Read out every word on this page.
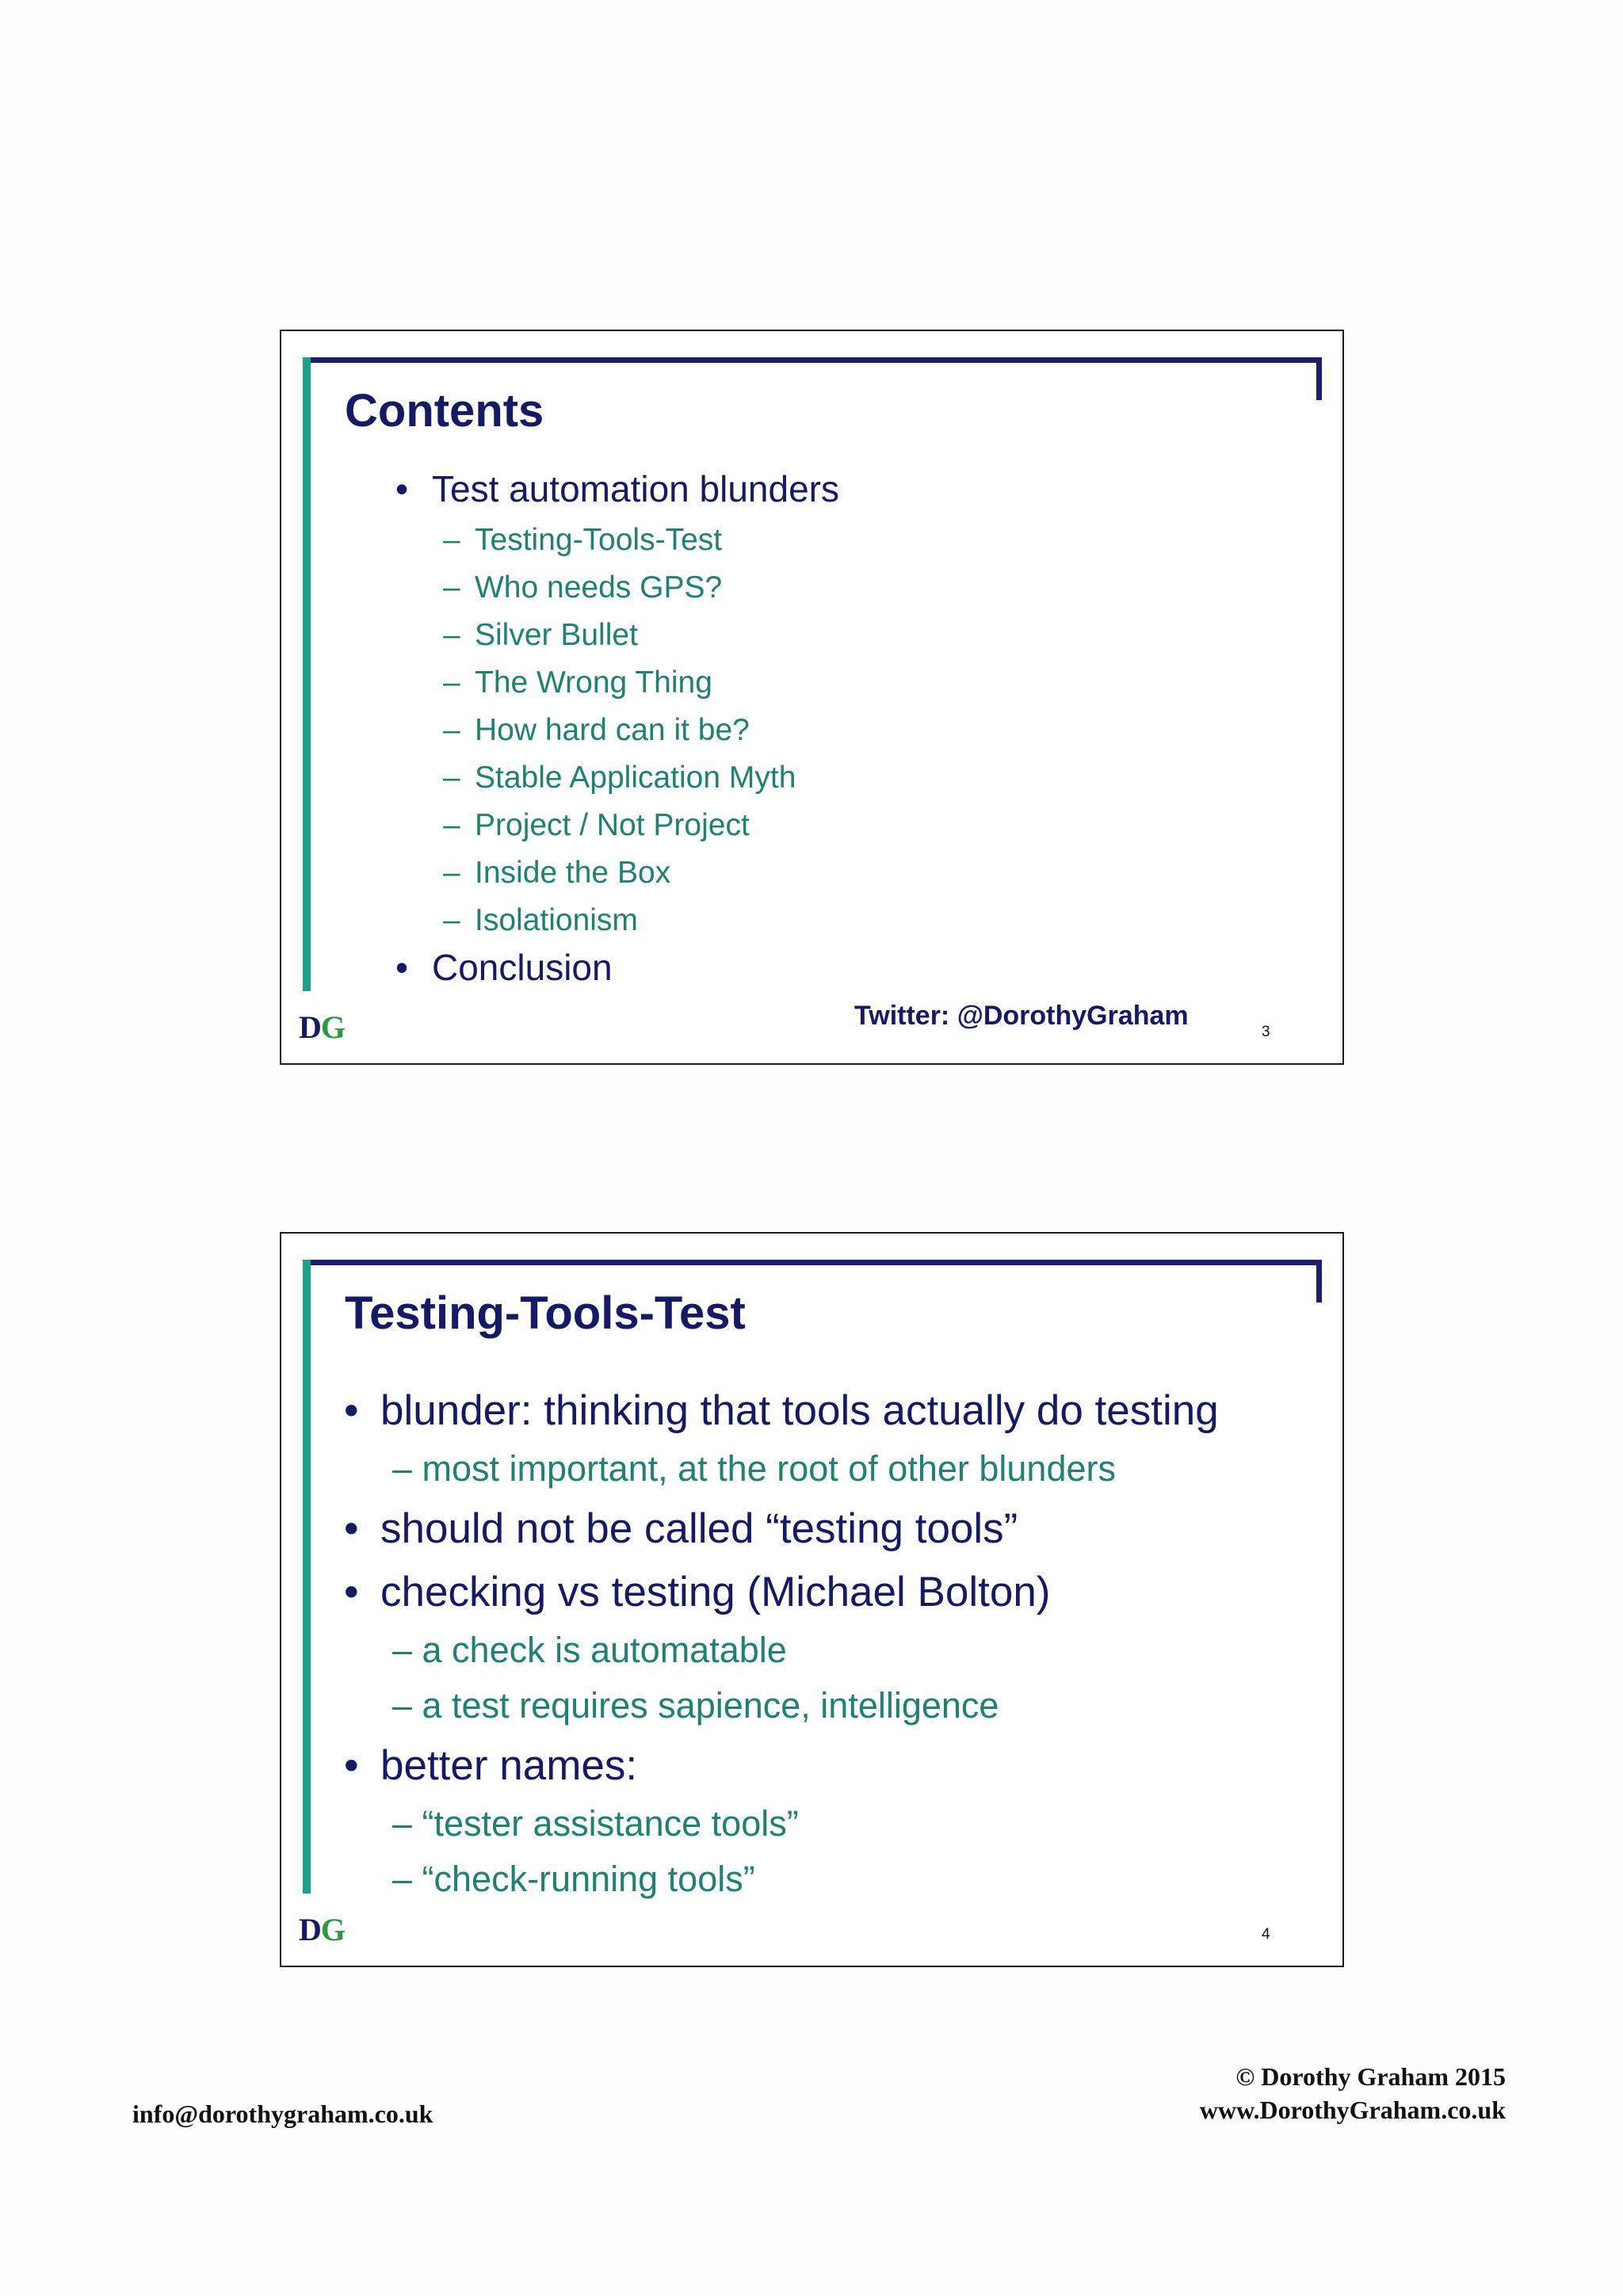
Contents
• Test automation blunders
– Testing-Tools-Test
– Who needs GPS?
– Silver Bullet
– The Wrong Thing
– How hard can it be?
– Stable Application Myth
– Project / Not Project
– Inside the Box
– Isolationism
• Conclusion
Twitter: @DorothyGraham
DG	3
Testing-Tools-Test
• blunder: thinking that tools actually do testing
– most important, at the root of other blunders
• should not be called “testing tools”
• checking vs testing (Michael Bolton)
– a check is automatable
– a test requires sapience, intelligence
• better names:
– “tester assistance tools”
– “check-running tools”
DG	4
info@dorothygraham.co.uk
© Dorothy Graham 2015
www.DorothyGraham.co.uk
